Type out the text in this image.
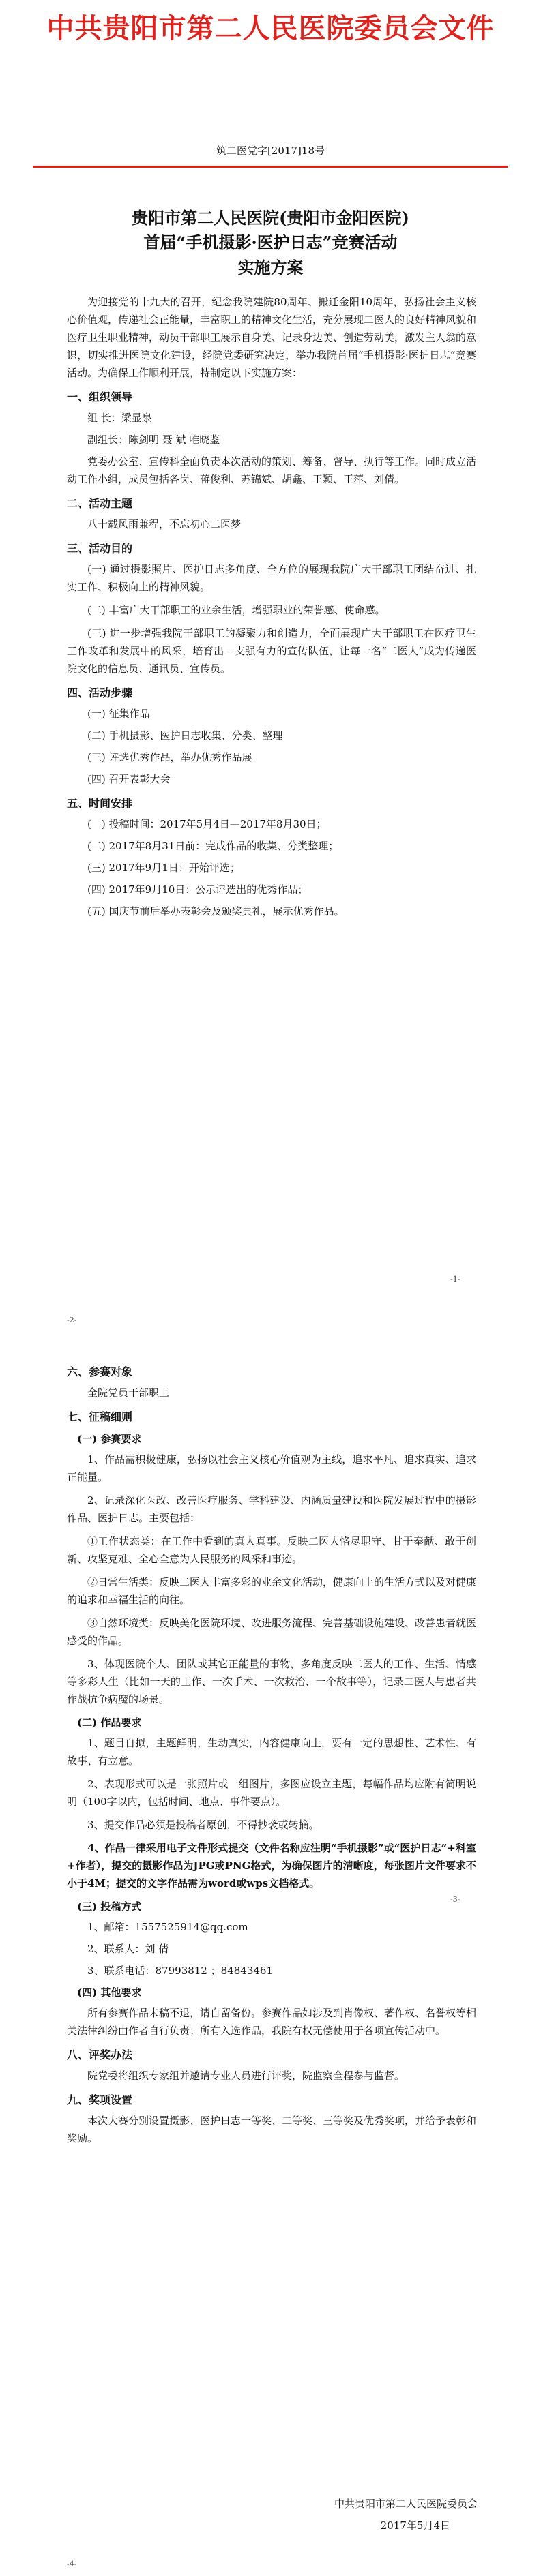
中共贵阳市第二人民医院委员会文件
筑二医党字[2017]18号
贵阳市第二人民医院(贵阳市金阳医院)
首届“手机摄影·医护日志”竞赛活动
实施方案

为迎接党的十九大的召开，纪念我院建院80周年、搬迁金阳10周年，弘扬社会主义核心价值观，传递社会正能量，丰富职工的精神文化生活，充分展现二医人的良好精神风貌和医疗卫生职业精神，动员干部职工展示自身美、记录身边美、创造劳动美，激发主人翁的意识，切实推进医院文化建设，经院党委研究决定，举办我院首届“手机摄影·医护日志”竞赛活动。为确保工作顺利开展，特制定以下实施方案：

一、组织领导
组 长：梁显泉
副组长：陈剑明 聂 斌 唯晓鉴

党委办公室、宣传科全面负责本次活动的策划、筹备、督导、执行等工作。同时成立活动工作小组，成员包括各岗、蒋俊利、苏锦斌、胡鑫、王颖、王萍、刘倩。

二、活动主题
八十载风雨兼程，不忘初心二医梦
三、活动目的

(一) 通过摄影照片、医护日志多角度、全方位的展现我院广大干部职工团结奋进、扎实工作、积极向上的精神风貌。

(二) 丰富广大干部职工的业余生活，增强职业的荣誉感、使命感。

(三) 进一步增强我院干部职工的凝聚力和创造力，全面展现广大干部职工在医疗卫生工作改革和发展中的风采，培育出一支强有力的宣传队伍，让每一名“二医人”成为传递医院文化的信息员、通讯员、宣传员。

四、活动步骤
(一) 征集作品
(二) 手机摄影、医护日志收集、分类、整理
(三) 评选优秀作品，举办优秀作品展
(四) 召开表彰大会
五、时间安排
(一) 投稿时间：2017年5月4日—2017年8月30日；
(二) 2017年8月31日前：完成作品的收集、分类整理；
(三) 2017年9月1日：开始评选；
(四) 2017年9月10日：公示评选出的优秀作品；
(五) 国庆节前后举办表彰会及颁奖典礼，展示优秀作品。
-1-
六、参赛对象
全院党员干部职工
七、征稿细则
(一) 参赛要求

1、作品需积极健康，弘扬以社会主义核心价值观为主线，追求平凡、追求真实、追求正能量。

2、记录深化医改、改善医疗服务、学科建设、内涵质量建设和医院发展过程中的摄影作品、医护日志。主要包括：

①工作状态类：在工作中看到的真人真事。反映二医人恪尽职守、甘于奉献、敢于创新、攻坚克难、全心全意为人民服务的风采和事迹。

②日常生活类：反映二医人丰富多彩的业余文化活动，健康向上的生活方式以及对健康的追求和幸福生活的向往。

③自然环境类：反映美化医院环境、改进服务流程、完善基础设施建设、改善患者就医感受的作品。

3、体现医院个人、团队或其它正能量的事物，多角度反映二医人的工作、生活、情感等多彩人生（比如一天的工作、一次手术、一次救治、一个故事等），记录二医人与患者共作战抗争病魔的场景。

(二) 作品要求

1、题目自拟，主题鲜明，生动真实，内容健康向上，要有一定的思想性、艺术性、有故事、有立意。

2、表现形式可以是一张照片或一组图片，多图应设立主题，每幅作品均应附有简明说明（100字以内，包括时间、地点、事件要点）。

3、提交作品必须是投稿者原创，不得抄袭或转摘。

4、作品一律采用电子文件形式提交（文件名称应注明“手机摄影”或“医护日志”+科室+作者），提交的摄影作品为JPG或PNG格式，为确保图片的清晰度，每张图片文件要求不小于4M；提交的文字作品需为word或wps文档格式。

(三) 投稿方式
1、邮箱：1557525914@qq.com
2、联系人：刘 倩
3、联系电话：87993812 ；84843461
(四) 其他要求

所有参赛作品未稿不退，请自留备份。参赛作品如涉及到肖像权、著作权、名誉权等相关法律纠纷由作者自行负责；所有入选作品，我院有权无偿使用于各项宣传活动中。

八、评奖办法

院党委将组织专家组并邀请专业人员进行评奖，院监察全程参与监督。

九、奖项设置

本次大赛分别设置摄影、医护日志一等奖、二等奖、三等奖及优秀奖项，并给予表彰和奖励。

-2-
-3-
中共贵阳市第二人民医院委员会
2017年5月4日
-4-
